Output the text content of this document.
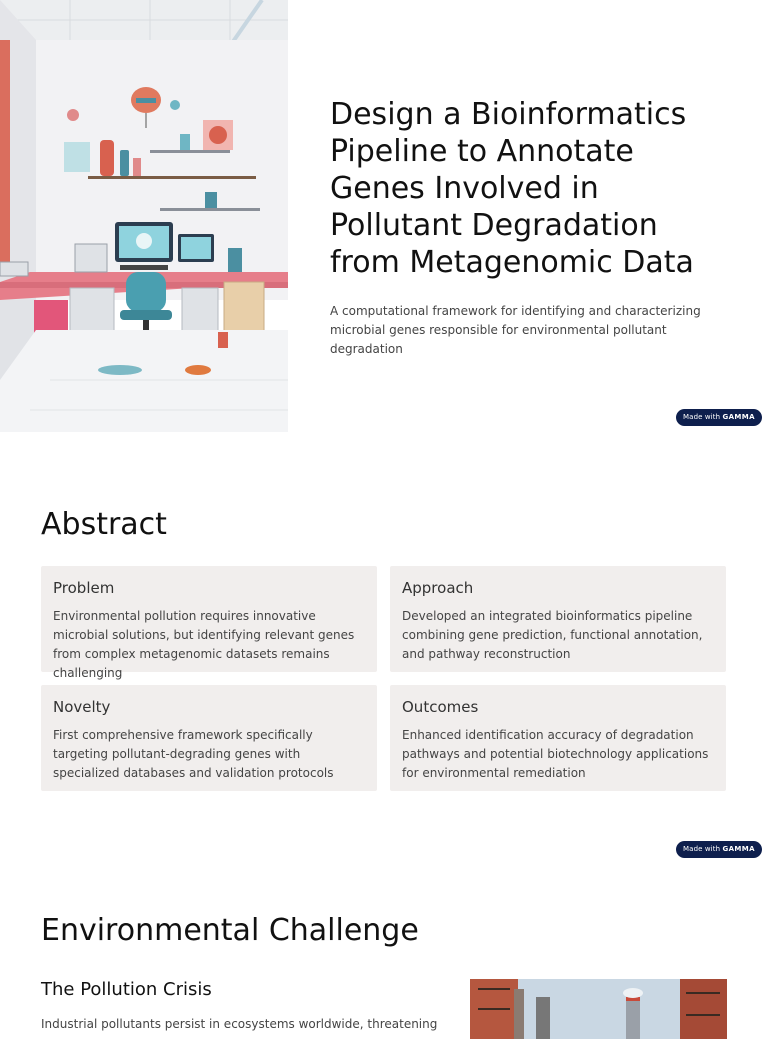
Design a Bioinformatics Pipeline to Annotate Genes Involved in Pollutant Degradation from Metagenomic Data

A computational framework for identifying and characterizing microbial genes responsible for environmental pollutant degradation

Made with GAMMA
Abstract
Problem

Environmental pollution requires innovative microbial solutions, but identifying relevant genes from complex metagenomic datasets remains challenging

Approach

Developed an integrated bioinformatics pipeline combining gene prediction, functional annotation, and pathway reconstruction

Novelty

First comprehensive framework specifically targeting pollutant-degrading genes with specialized databases and validation protocols

Outcomes

Enhanced identification accuracy of degradation pathways and potential biotechnology applications for environmental remediation

Made with GAMMA
Environmental Challenge
The Pollution Crisis

Industrial pollutants persist in ecosystems worldwide, threatening
